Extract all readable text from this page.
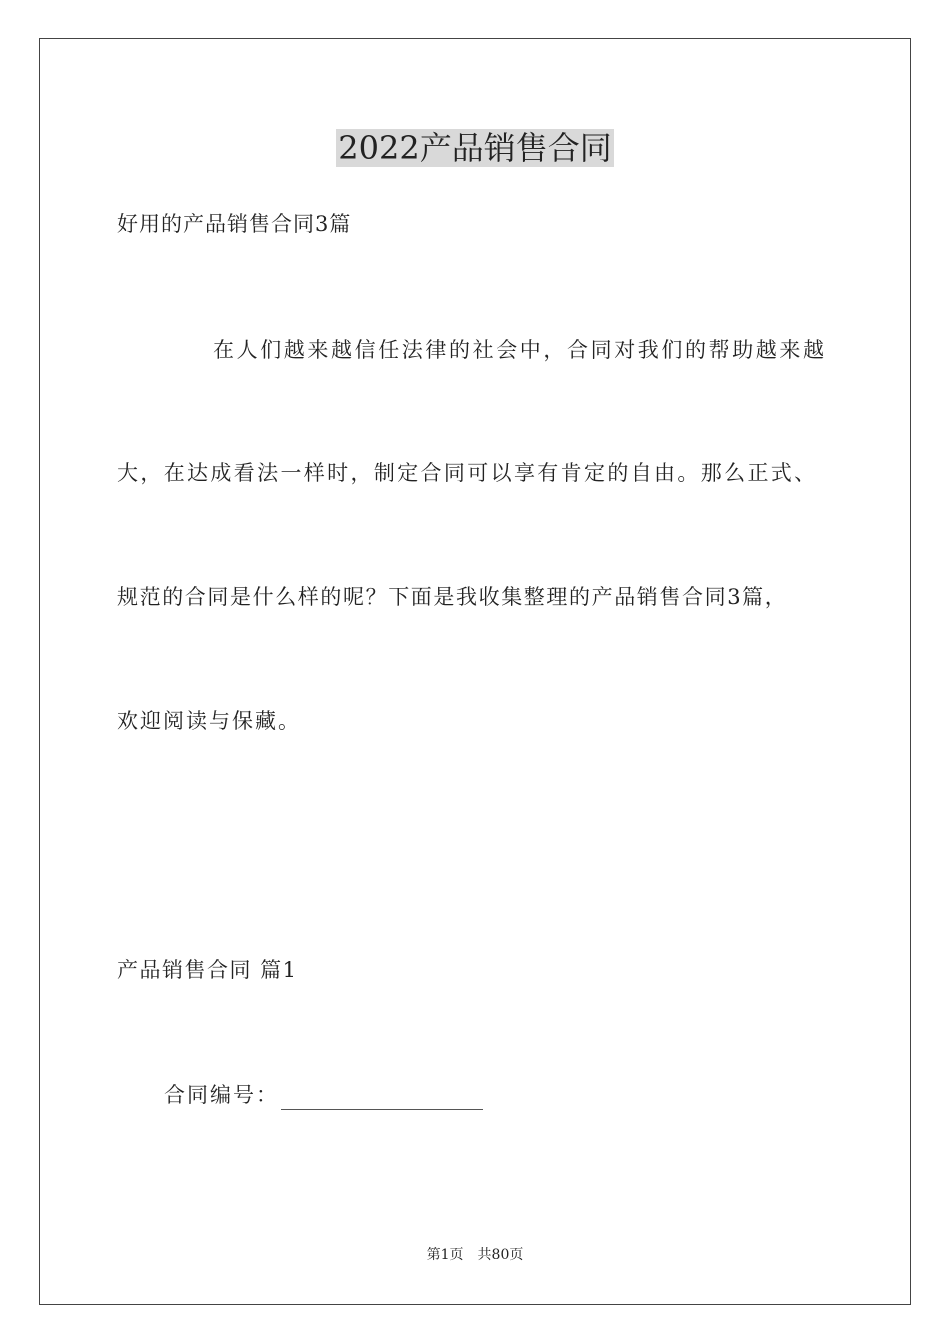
2022产品销售合同

好用的产品销售合同3篇

在人们越来越信任法律的社会中，合同对我们的帮助越来越

大，在达成看法一样时，制定合同可以享有肯定的自由。那么正式、

规范的合同是什么样的呢？下面是我收集整理的产品销售合同3篇，

欢迎阅读与保藏。

产品销售合同 篇1

合同编号：
第1页 共80页
